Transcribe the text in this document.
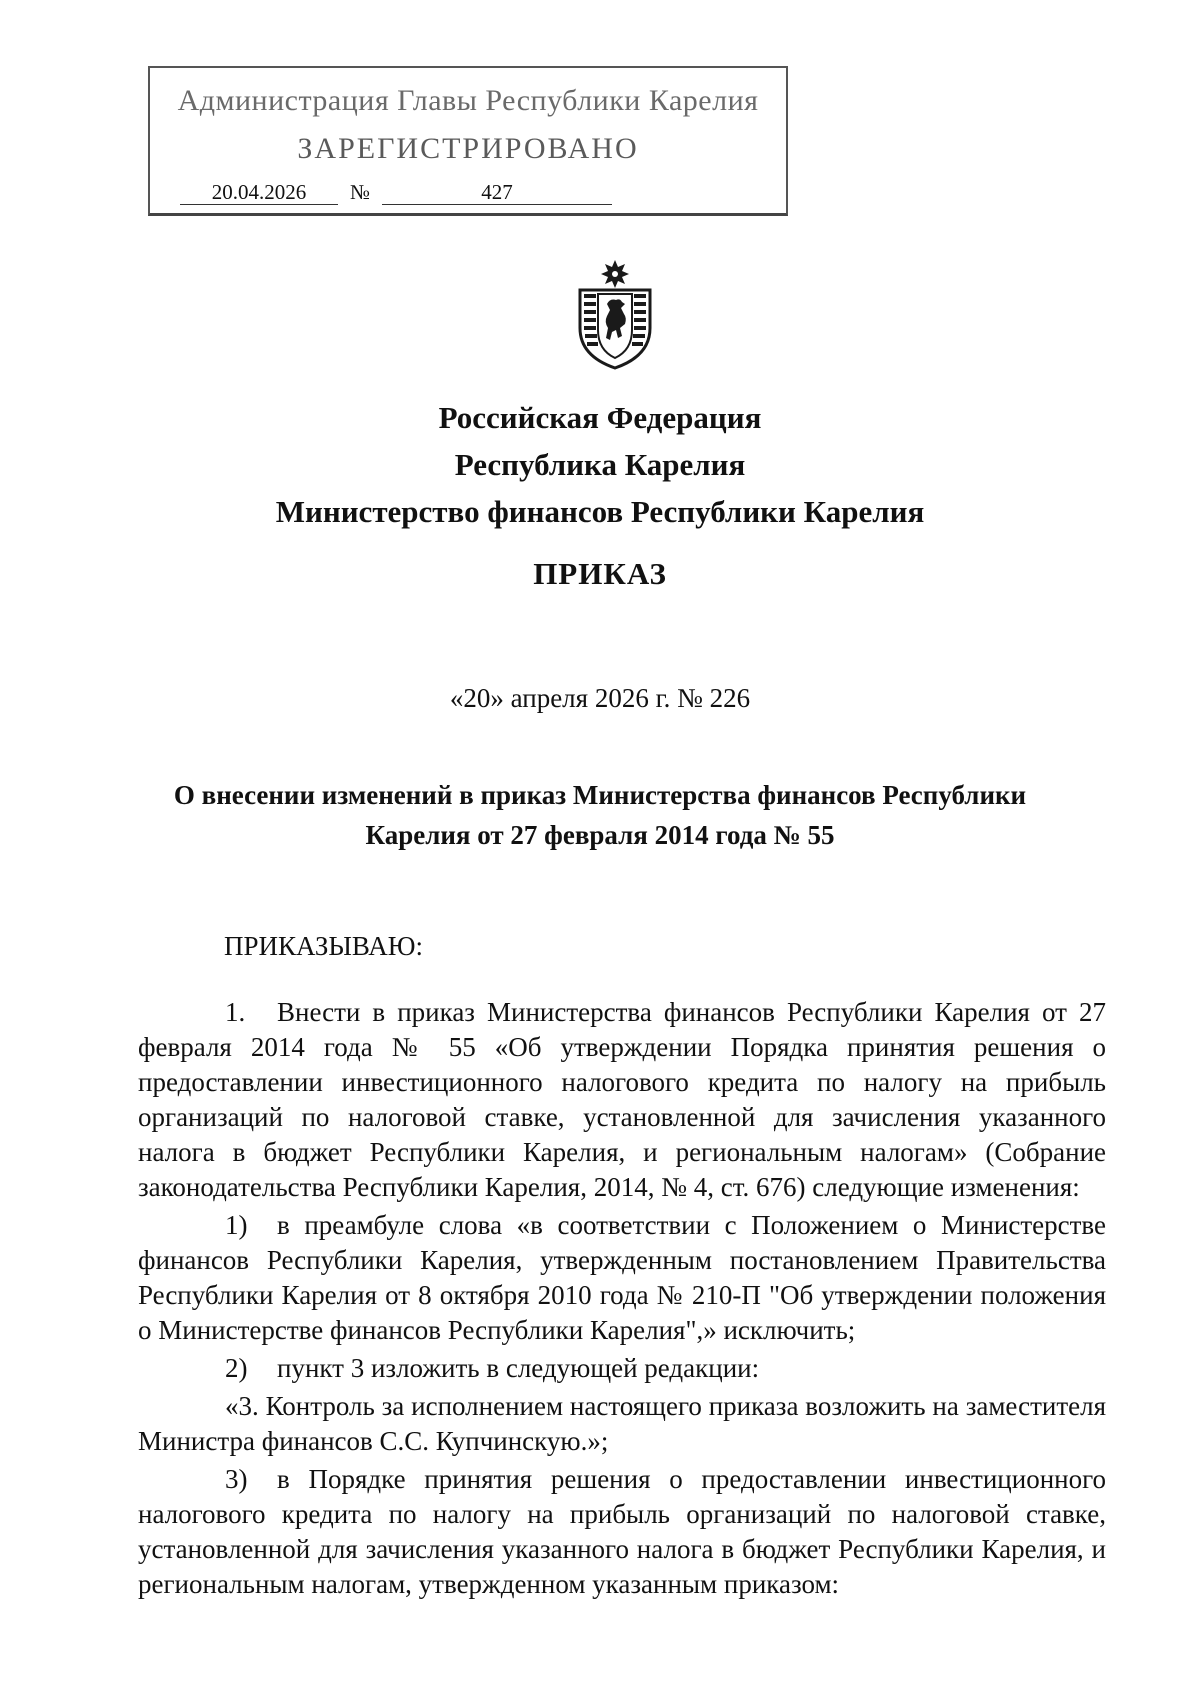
Администрация Главы Республики Карелия
ЗАРЕГИСТРИРОВАНО
20.04.2026	№	427
Российская Федерация
Республика Карелия
Министерство финансов Республики Карелия
ПРИКАЗ
«20» апреля 2026 г. № 226
О внесении изменений в приказ Министерства финансов Республики
Карелия от 27 февраля 2014 года № 55
ПРИКАЗЫВАЮ:

1. Внести в приказ Министерства финансов Республики Карелия от 27 февраля 2014 года № 55 «Об утверждении Порядка принятия решения о предоставлении инвестиционного налогового кредита по налогу на прибыль организаций по налоговой ставке, установленной для зачисления указанного налога в бюджет Республики Карелия, и региональным налогам» (Собрание законодательства Республики Карелия, 2014, № 4, ст. 676) следующие изменения:

1) в преамбуле слова «в соответствии с Положением о Министерстве финансов Республики Карелия, утвержденным постановлением Правительства Республики Карелия от 8 октября 2010 года № 210-П "Об утверждении положения о Министерстве финансов Республики Карелия",» исключить;

2) пункт 3 изложить в следующей редакции:

«3. Контроль за исполнением настоящего приказа возложить на заместителя Министра финансов С.С. Купчинскую.»;

3) в Порядке принятия решения о предоставлении инвестиционного налогового кредита по налогу на прибыль организаций по налоговой ставке, установленной для зачисления указанного налога в бюджет Республики Карелия, и региональным налогам, утвержденном указанным приказом:
